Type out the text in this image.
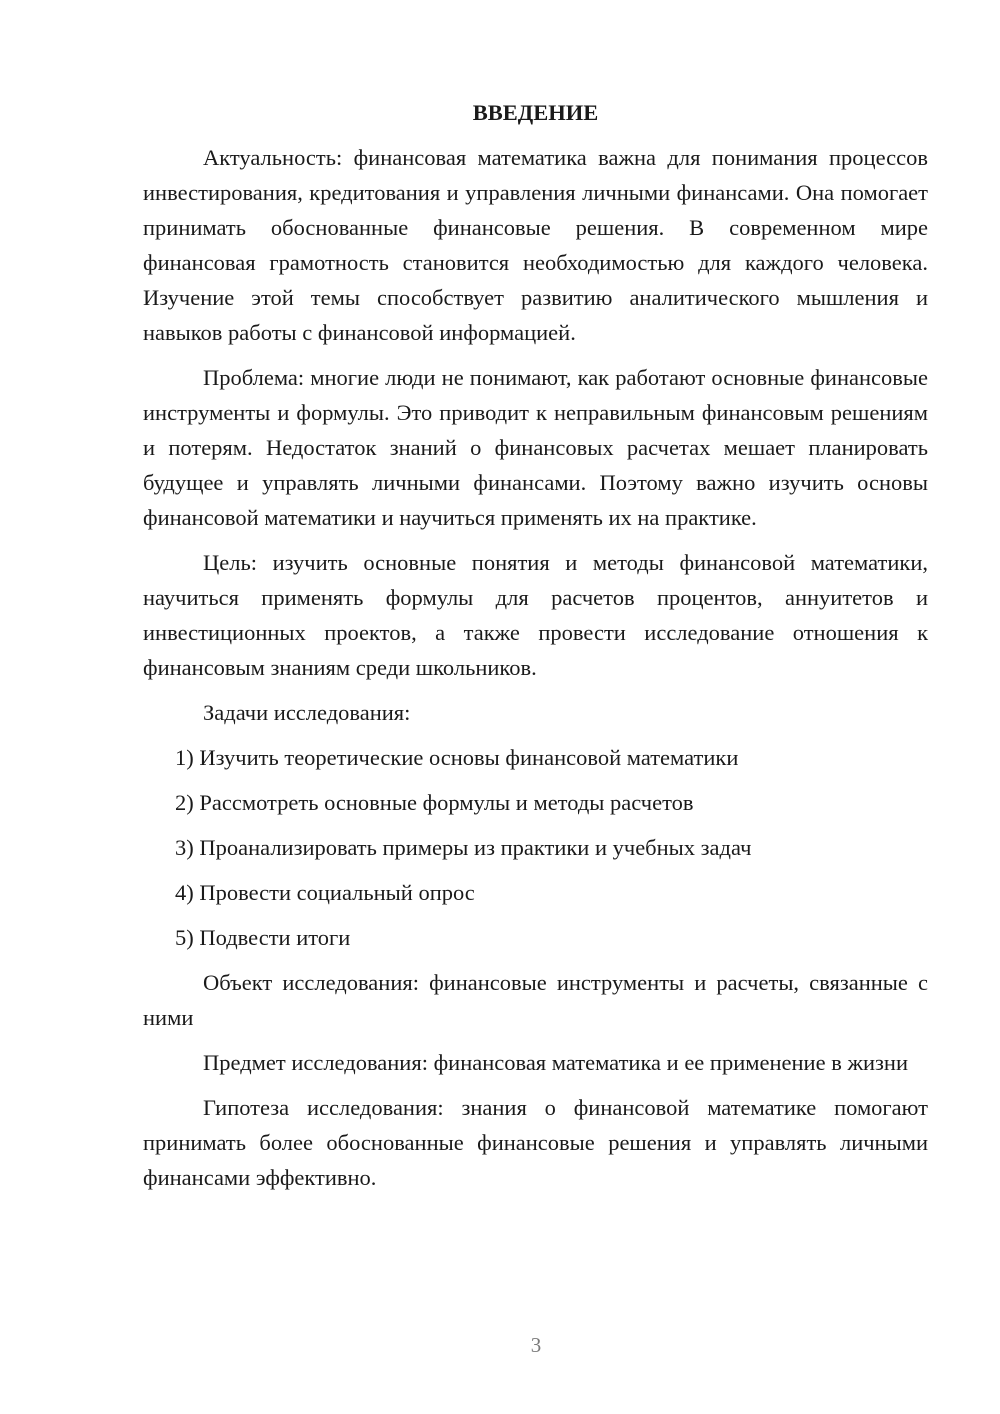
ВВЕДЕНИЕ

Актуальность: финансовая математика важна для понимания процессов инвестирования, кредитования и управления личными финансами. Она помогает принимать обоснованные финансовые решения. В современном мире финансовая грамотность становится необходимостью для каждого человека. Изучение этой темы способствует развитию аналитического мышления и навыков работы с финансовой информацией.

Проблема: многие люди не понимают, как работают основные финансовые инструменты и формулы. Это приводит к неправильным финансовым решениям и потерям. Недостаток знаний о финансовых расчетах мешает планировать будущее и управлять личными финансами. Поэтому важно изучить основы финансовой математики и научиться применять их на практике.

Цель: изучить основные понятия и методы финансовой математики, научиться применять формулы для расчетов процентов, аннуитетов и инвестиционных проектов, а также провести исследование отношения к финансовым знаниям среди школьников.

Задачи исследования:

1) Изучить теоретические основы финансовой математики
2) Рассмотреть основные формулы и методы расчетов
3) Проанализировать примеры из практики и учебных задач
4) Провести социальный опрос
5) Подвести итоги

Объект исследования: финансовые инструменты и расчеты, связанные с ними

Предмет исследования: финансовая математика и ее применение в жизни

Гипотеза исследования: знания о финансовой математике помогают принимать более обоснованные финансовые решения и управлять личными финансами эффективно.

3
